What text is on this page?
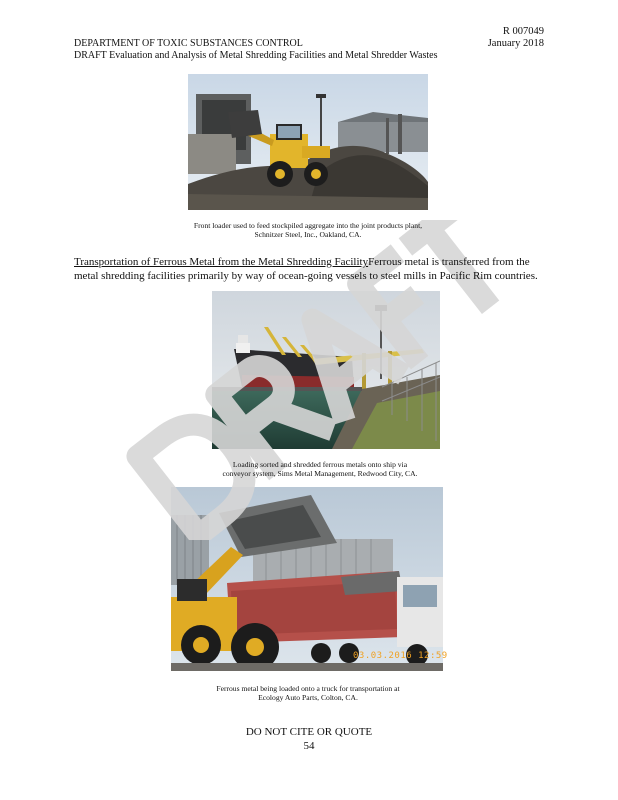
R 007049
January 2018
DEPARTMENT OF TOXIC SUBSTANCES CONTROL
DRAFT Evaluation and Analysis of Metal Shredding Facilities and Metal Shredder Wastes
Front loader used to feed stockpiled aggregate into the joint products plant,
Schnitzer Steel, Inc., Oakland, CA.
Transportation of Ferrous Metal from the Metal Shredding FacilityFerrous metal is transferred from the
metal shredding facilities primarily by way of ocean-going vessels to steel mills in Pacific Rim countries.
Loading sorted and shredded ferrous metals onto ship via
conveyor system, Sims Metal Management, Redwood City, CA.
03.03.2016 12:59
Ferrous metal being loaded onto a truck for transportation at
Ecology Auto Parts, Colton, CA.
DO NOT CITE OR QUOTE
54
